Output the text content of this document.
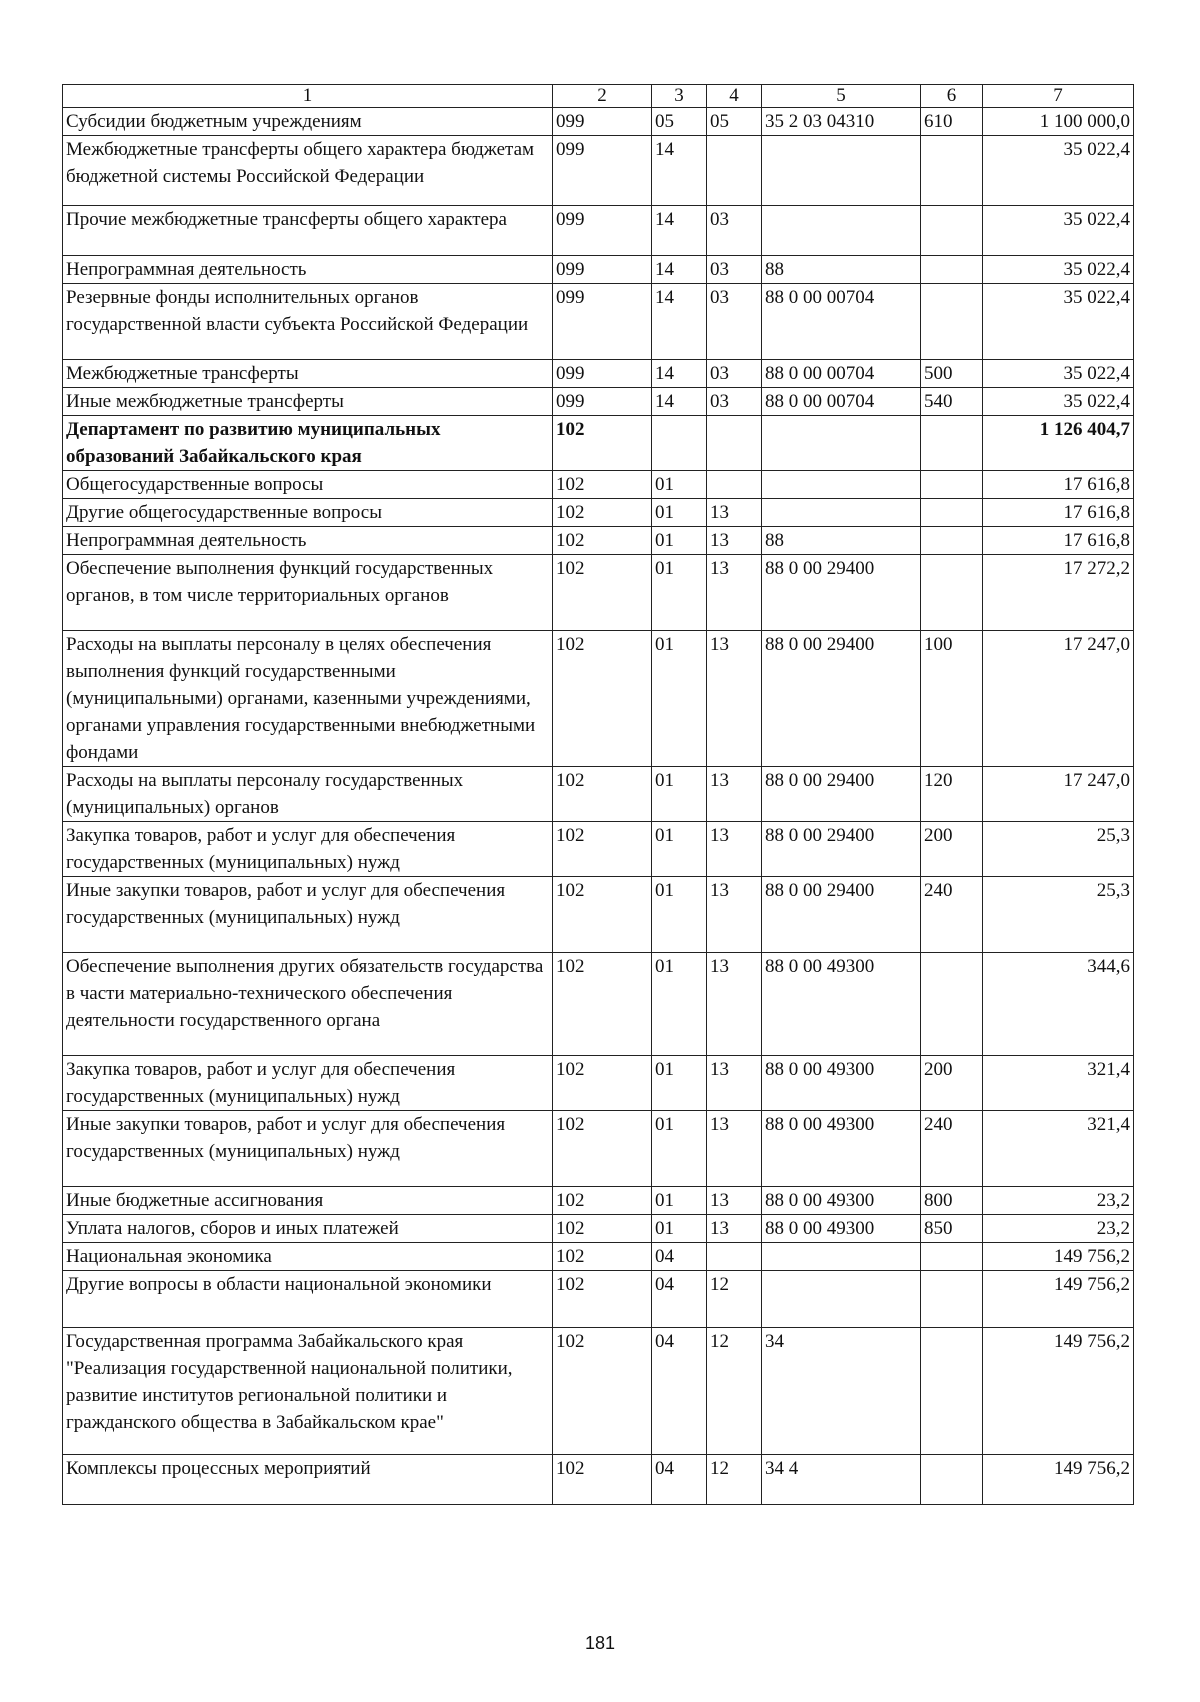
1	2	3	4	5	6	7
Субсидии бюджетным учреждениям	099	05	05	35 2 03 04310	610	1 100 000,0
Межбюджетные трансферты общего характера бюджетам бюджетной системы Российской Федерации	099	14				35 022,4
Прочие межбюджетные трансферты общего характера	099	14	03			35 022,4
Непрограммная деятельность	099	14	03	88		35 022,4
Резервные фонды исполнительных органов государственной власти субъекта Российской Федерации	099	14	03	88 0 00 00704		35 022,4
Межбюджетные трансферты	099	14	03	88 0 00 00704	500	35 022,4
Иные межбюджетные трансферты	099	14	03	88 0 00 00704	540	35 022,4
Департамент по развитию муниципальных образований Забайкальского края	102					1 126 404,7
Общегосударственные вопросы	102	01				17 616,8
Другие общегосударственные вопросы	102	01	13			17 616,8
Непрограммная деятельность	102	01	13	88		17 616,8
Обеспечение выполнения функций государственных органов, в том числе территориальных органов	102	01	13	88 0 00 29400		17 272,2
Расходы на выплаты персоналу в целях обеспечения выполнения функций государственными (муниципальными) органами, казенными учреждениями, органами управления государственными внебюджетными фондами	102	01	13	88 0 00 29400	100	17 247,0
Расходы на выплаты персоналу государственных (муниципальных) органов	102	01	13	88 0 00 29400	120	17 247,0
Закупка товаров, работ и услуг для обеспечения государственных (муниципальных) нужд	102	01	13	88 0 00 29400	200	25,3
Иные закупки товаров, работ и услуг для обеспечения государственных (муниципальных) нужд	102	01	13	88 0 00 29400	240	25,3
Обеспечение выполнения других обязательств государства в части материально-технического обеспечения деятельности государственного органа	102	01	13	88 0 00 49300		344,6
Закупка товаров, работ и услуг для обеспечения государственных (муниципальных) нужд	102	01	13	88 0 00 49300	200	321,4
Иные закупки товаров, работ и услуг для обеспечения государственных (муниципальных) нужд	102	01	13	88 0 00 49300	240	321,4
Иные бюджетные ассигнования	102	01	13	88 0 00 49300	800	23,2
Уплата налогов, сборов и иных платежей	102	01	13	88 0 00 49300	850	23,2
Национальная экономика	102	04				149 756,2
Другие вопросы в области национальной экономики	102	04	12			149 756,2
Государственная программа Забайкальского края "Реализация государственной национальной политики, развитие институтов региональной политики и гражданского общества в Забайкальском крае"	102	04	12	34		149 756,2
Комплексы процессных мероприятий	102	04	12	34 4		149 756,2
181
